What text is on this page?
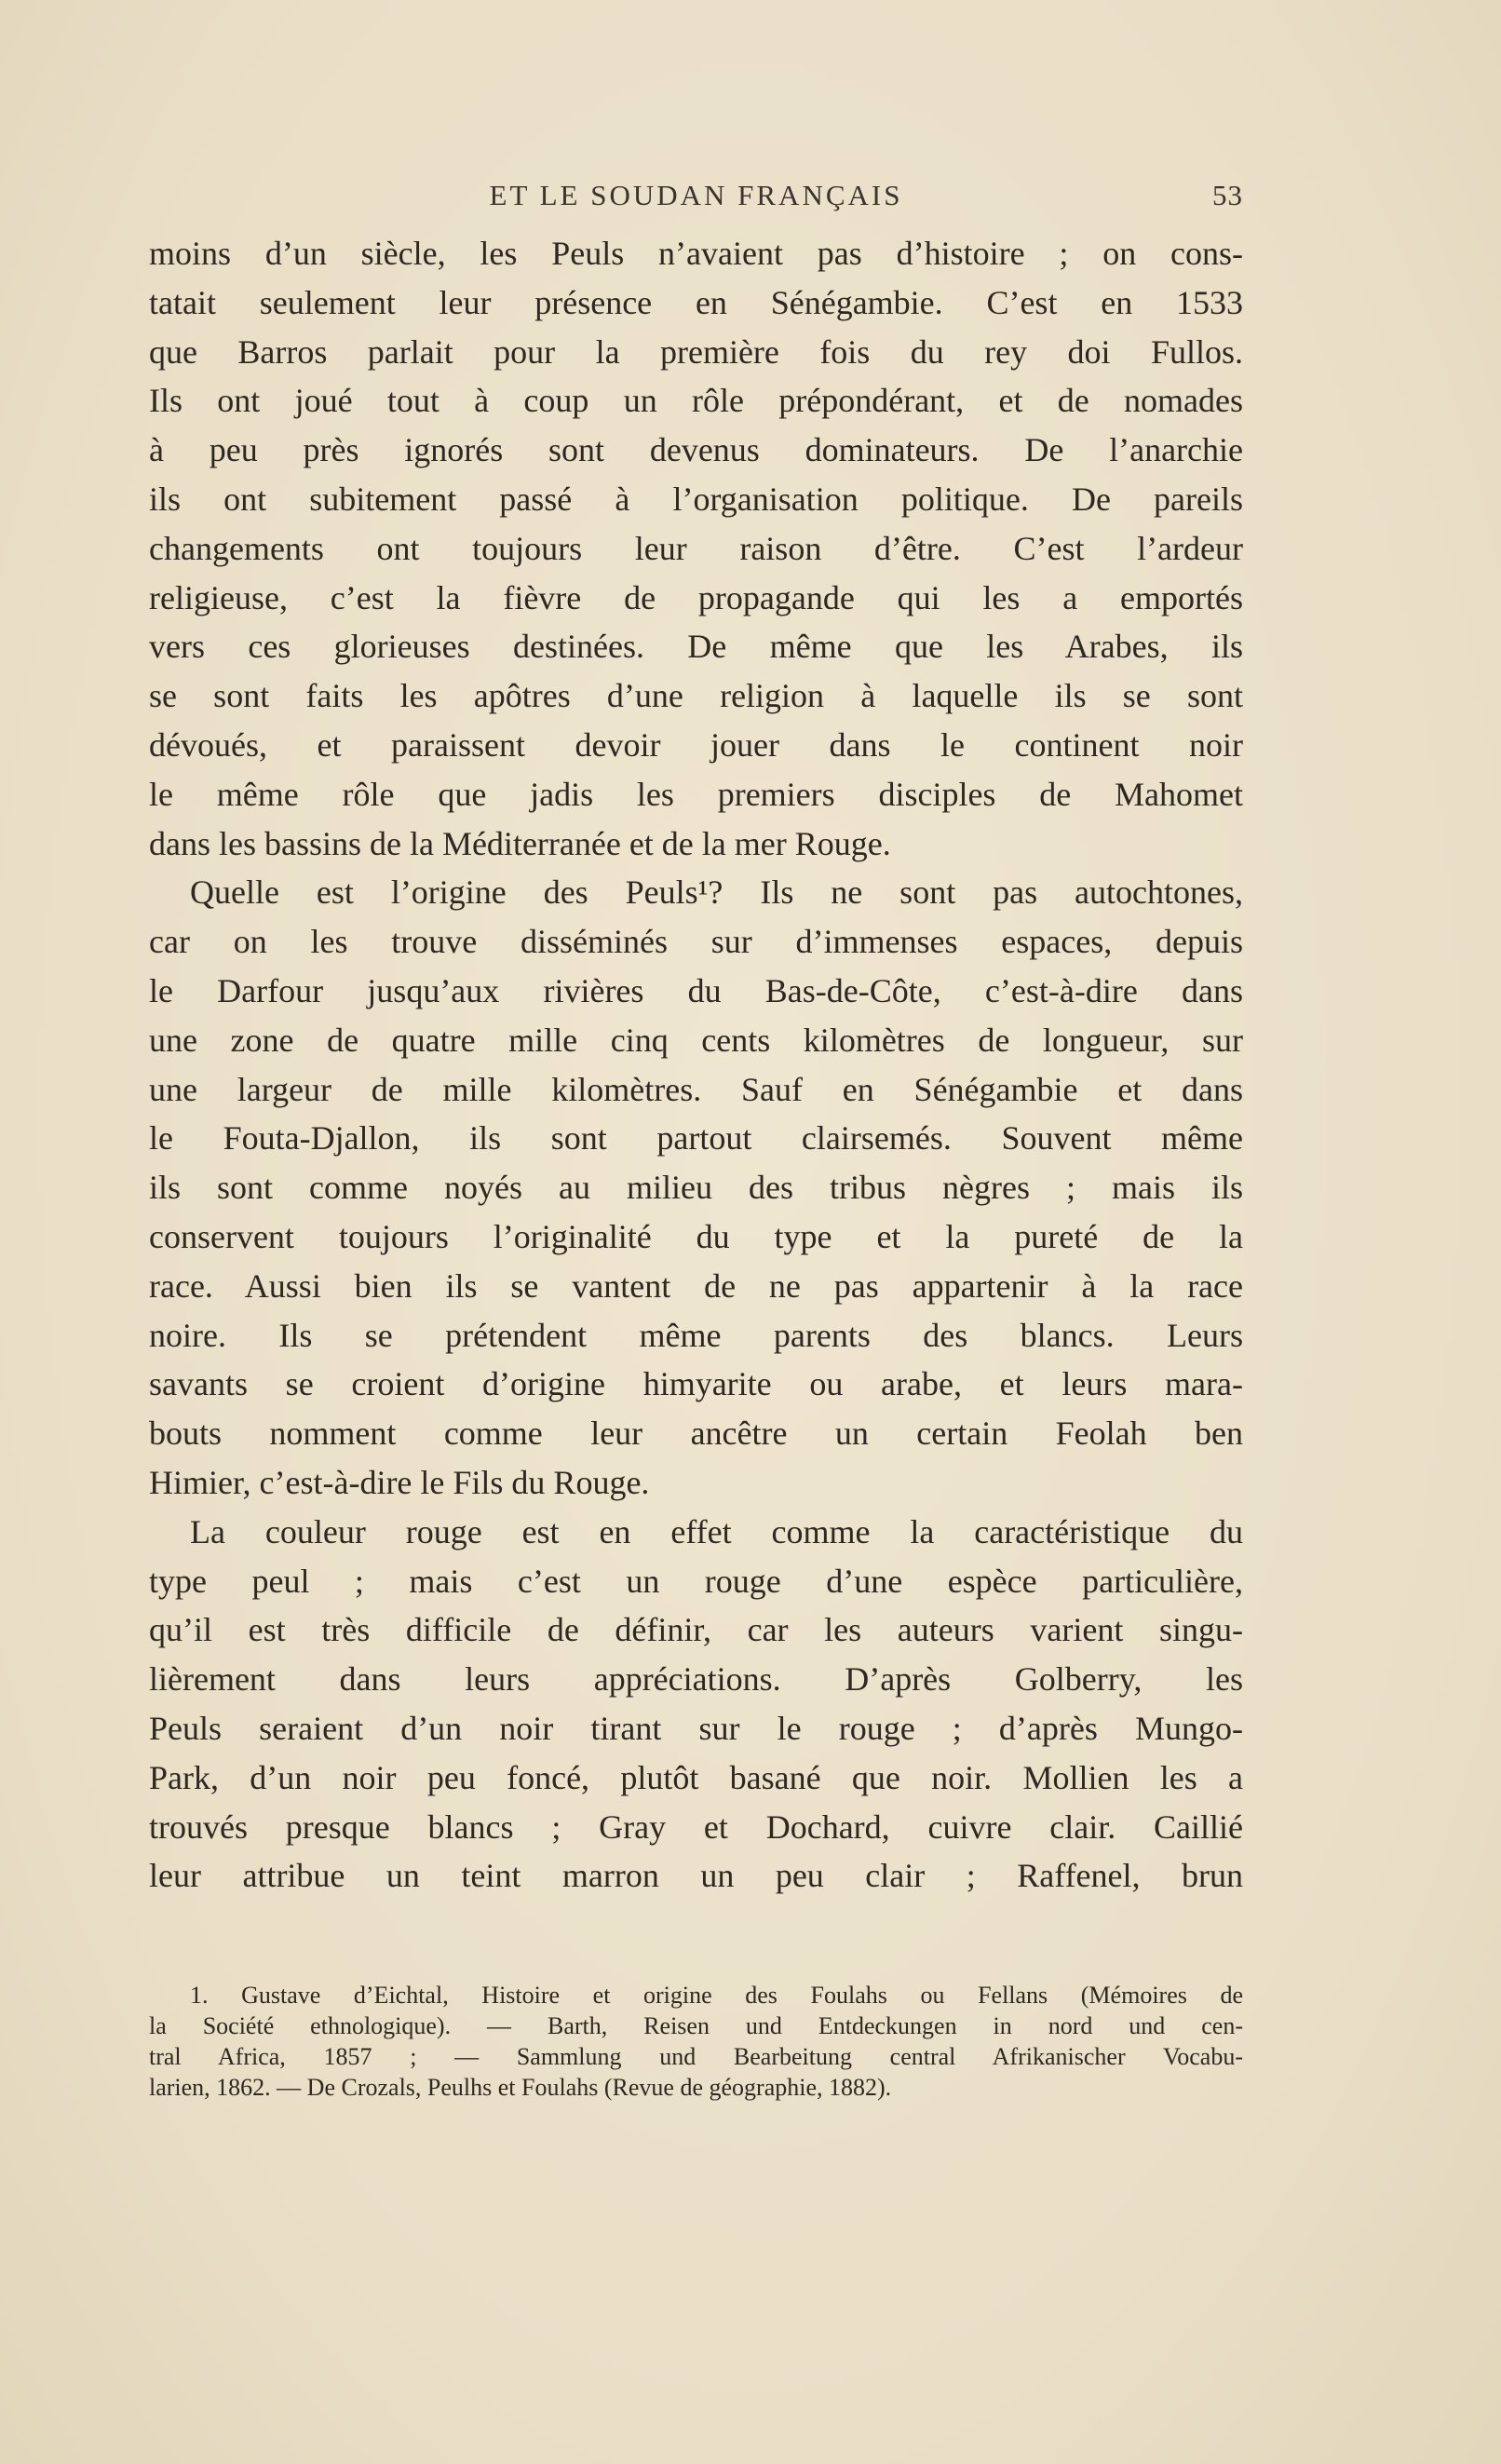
ET LE SOUDAN FRANÇAIS	53
moins d’un siècle, les Peuls n’avaient pas d’histoire ; on cons-
tatait seulement leur présence en Sénégambie. C’est en 1533
que Barros parlait pour la première fois du rey doi Fullos.
Ils ont joué tout à coup un rôle prépondérant, et de nomades
à peu près ignorés sont devenus dominateurs. De l’anarchie
ils ont subitement passé à l’organisation politique. De pareils
changements ont toujours leur raison d’être. C’est l’ardeur
religieuse, c’est la fièvre de propagande qui les a emportés
vers ces glorieuses destinées. De même que les Arabes, ils
se sont faits les apôtres d’une religion à laquelle ils se sont
dévoués, et paraissent devoir jouer dans le continent noir
le même rôle que jadis les premiers disciples de Mahomet
dans les bassins de la Méditerranée et de la mer Rouge.
Quelle est l’origine des Peuls¹? Ils ne sont pas autochtones,
car on les trouve disséminés sur d’immenses espaces, depuis
le Darfour jusqu’aux rivières du Bas-de-Côte, c’est-à-dire dans
une zone de quatre mille cinq cents kilomètres de longueur, sur
une largeur de mille kilomètres. Sauf en Sénégambie et dans
le Fouta-Djallon, ils sont partout clairsemés. Souvent même
ils sont comme noyés au milieu des tribus nègres ; mais ils
conservent toujours l’originalité du type et la pureté de la
race. Aussi bien ils se vantent de ne pas appartenir à la race
noire. Ils se prétendent même parents des blancs. Leurs
savants se croient d’origine himyarite ou arabe, et leurs mara-
bouts nomment comme leur ancêtre un certain Feolah ben
Himier, c’est-à-dire le Fils du Rouge.
La couleur rouge est en effet comme la caractéristique du
type peul ; mais c’est un rouge d’une espèce particulière,
qu’il est très difficile de définir, car les auteurs varient singu-
lièrement dans leurs appréciations. D’après Golberry, les
Peuls seraient d’un noir tirant sur le rouge ; d’après Mungo-
Park, d’un noir peu foncé, plutôt basané que noir. Mollien les a
trouvés presque blancs ; Gray et Dochard, cuivre clair. Caillié
leur attribue un teint marron un peu clair ; Raffenel, brun
1. Gustave d’Eichtal, Histoire et origine des Foulahs ou Fellans (Mémoires de
la Société ethnologique). — Barth, Reisen und Entdeckungen in nord und cen-
tral Africa, 1857 ; — Sammlung und Bearbeitung central Afrikanischer Vocabu-
larien, 1862. — De Crozals, Peulhs et Foulahs (Revue de géographie, 1882).
